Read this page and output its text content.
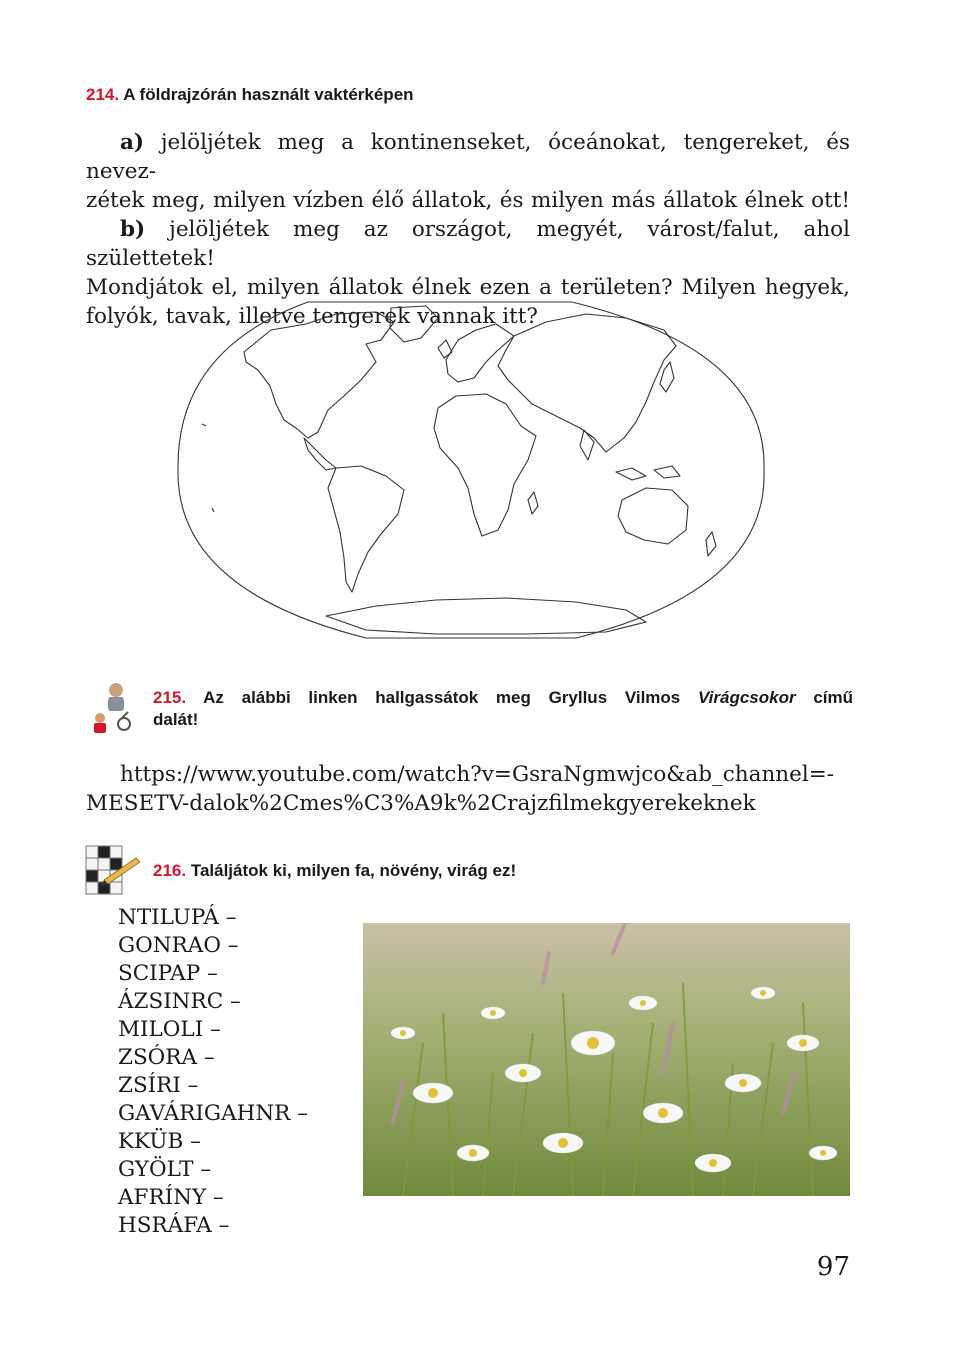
214. A földrajzórán használt vaktérképen
a) jelöljétek meg a kontinenseket, óceánokat, tengereket, és nevez-
zétek meg, milyen vízben élő állatok, és milyen más állatok élnek ott!
b) jelöljétek meg az országot, megyét, várost/falut, ahol születtetek!
Mondjátok el, milyen állatok élnek ezen a területen? Milyen hegyek,
folyók, tavak, illetve tengerek vannak itt?
215. Az alábbi linken hallgassátok meg Gryllus Vilmos Virágcsokor című
dalát!
https://www.youtube.com/watch?v=GsraNgmwjco&ab_channel=-
MESETV-dalok%2Cmes%C3%A9k%2Crajzfilmekgyerekeknek
216. Találjátok ki, milyen fa, növény, virág ez!
NTILUPÁ –
GONRAO –
SCIPAP –
ÁZSINRC –
MILOLI –
ZSÓRA –
ZSÍRI –
GAVÁRIGAHNR –
KKÜB –
GYÖLT –
AFRÍNY –
HSRÁFA –
97
